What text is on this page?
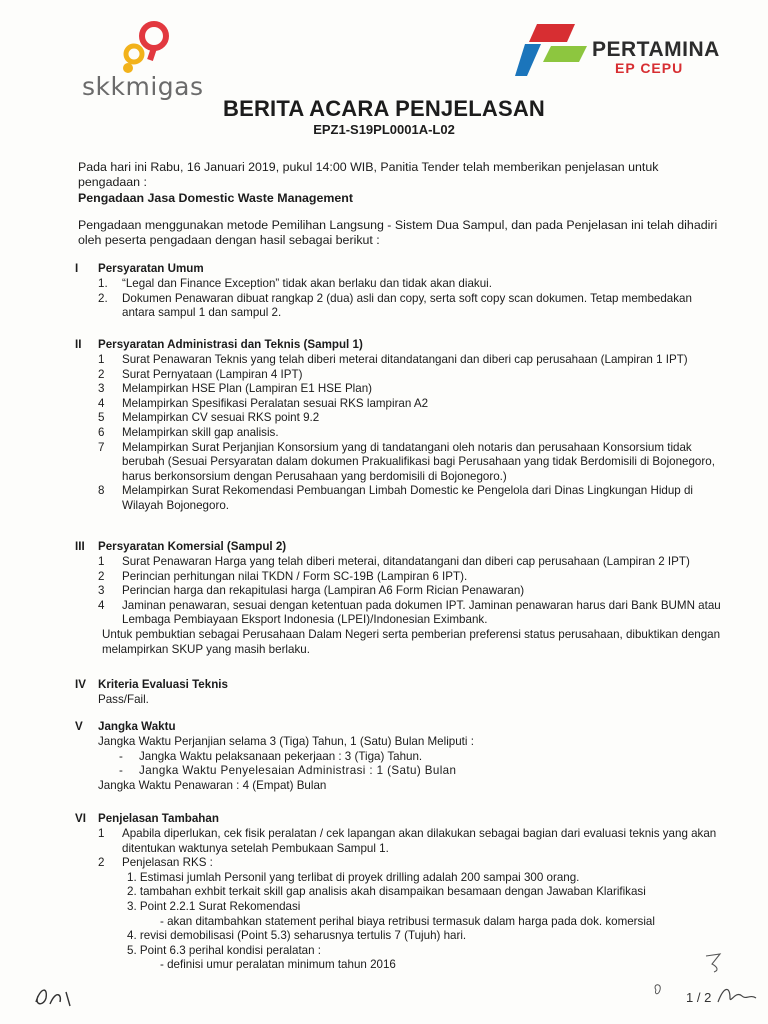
skkmigas
PERTAMINA
EP CEPU
BERITA ACARA PENJELASAN
EPZ1-S19PL0001A-L02

Pada hari ini Rabu, 16 Januari 2019, pukul 14:00 WIB, Panitia Tender telah memberikan penjelasan untuk

pengadaan :

Pengadaan Jasa Domestic Waste Management

Pengadaan menggunakan metode Pemilihan Langsung - Sistem Dua Sampul, dan pada Penjelasan ini telah dihadiri oleh peserta pengadaan dengan hasil sebagai berikut :
I Persyaratan Umum
1. “Legal dan Finance Exception” tidak akan berlaku dan tidak akan diakui.
2. Dokumen Penawaran dibuat rangkap 2 (dua) asli dan copy, serta soft copy scan dokumen. Tetap membedakan antara sampul 1 dan sampul 2.
II Persyaratan Administrasi dan Teknis (Sampul 1)
1 Surat Penawaran Teknis yang telah diberi meterai ditandatangani dan diberi cap perusahaan (Lampiran 1 IPT)
2 Surat Pernyataan (Lampiran 4 IPT)
3 Melampirkan HSE Plan (Lampiran E1 HSE Plan)
4 Melampirkan Spesifikasi Peralatan sesuai RKS lampiran A2
5 Melampirkan CV sesuai RKS point 9.2
6 Melampirkan skill gap analisis.
7 Melampirkan Surat Perjanjian Konsorsium yang di tandatangani oleh notaris dan perusahaan Konsorsium tidak berubah (Sesuai Persyaratan dalam dokumen Prakualifikasi bagi Perusahaan yang tidak Berdomisili di Bojonegoro, harus berkonsorsium dengan Perusahaan yang berdomisili di Bojonegoro.)
8 Melampirkan Surat Rekomendasi Pembuangan Limbah Domestic ke Pengelola dari Dinas Lingkungan Hidup di Wilayah Bojonegoro.
III Persyaratan Komersial (Sampul 2)
1 Surat Penawaran Harga yang telah diberi meterai, ditandatangani dan diberi cap perusahaan (Lampiran 2 IPT)
2 Perincian perhitungan nilai TKDN / Form SC-19B (Lampiran 6 IPT).
3 Perincian harga dan rekapitulasi harga (Lampiran A6 Form Rician Penawaran)
4 Jaminan penawaran, sesuai dengan ketentuan pada dokumen IPT. Jaminan penawaran harus dari Bank BUMN atau Lembaga Pembiayaan Eksport Indonesia (LPEI)/Indonesian Eximbank.
Untuk pembuktian sebagai Perusahaan Dalam Negeri serta pemberian preferensi status perusahaan, dibuktikan dengan melampirkan SKUP yang masih berlaku.
IV Kriteria Evaluasi Teknis
Pass/Fail.
V Jangka Waktu
Jangka Waktu Perjanjian selama 3 (Tiga) Tahun, 1 (Satu) Bulan Meliputi :
- Jangka Waktu pelaksanaan pekerjaan : 3 (Tiga) Tahun.
- Jangka Waktu Penyelesaian Administrasi : 1 (Satu) Bulan
Jangka Waktu Penawaran : 4 (Empat) Bulan
VI Penjelasan Tambahan
1 Apabila diperlukan, cek fisik peralatan / cek lapangan akan dilakukan sebagai bagian dari evaluasi teknis yang akan ditentukan waktunya setelah Pembukaan Sampul 1.
2 Penjelasan RKS :
1. Estimasi jumlah Personil yang terlibat di proyek drilling adalah 200 sampai 300 orang.
2. tambahan exhbit terkait skill gap analisis akah disampaikan besamaan dengan Jawaban Klarifikasi
3. Point 2.2.1 Surat Rekomendasi
- akan ditambahkan statement perihal biaya retribusi termasuk dalam harga pada dok. komersial
4. revisi demobilisasi (Point 5.3) seharusnya tertulis 7 (Tujuh) hari.
5. Point 6.3 perihal kondisi peralatan :
- definisi umur peralatan minimum tahun 2016
1 / 2
